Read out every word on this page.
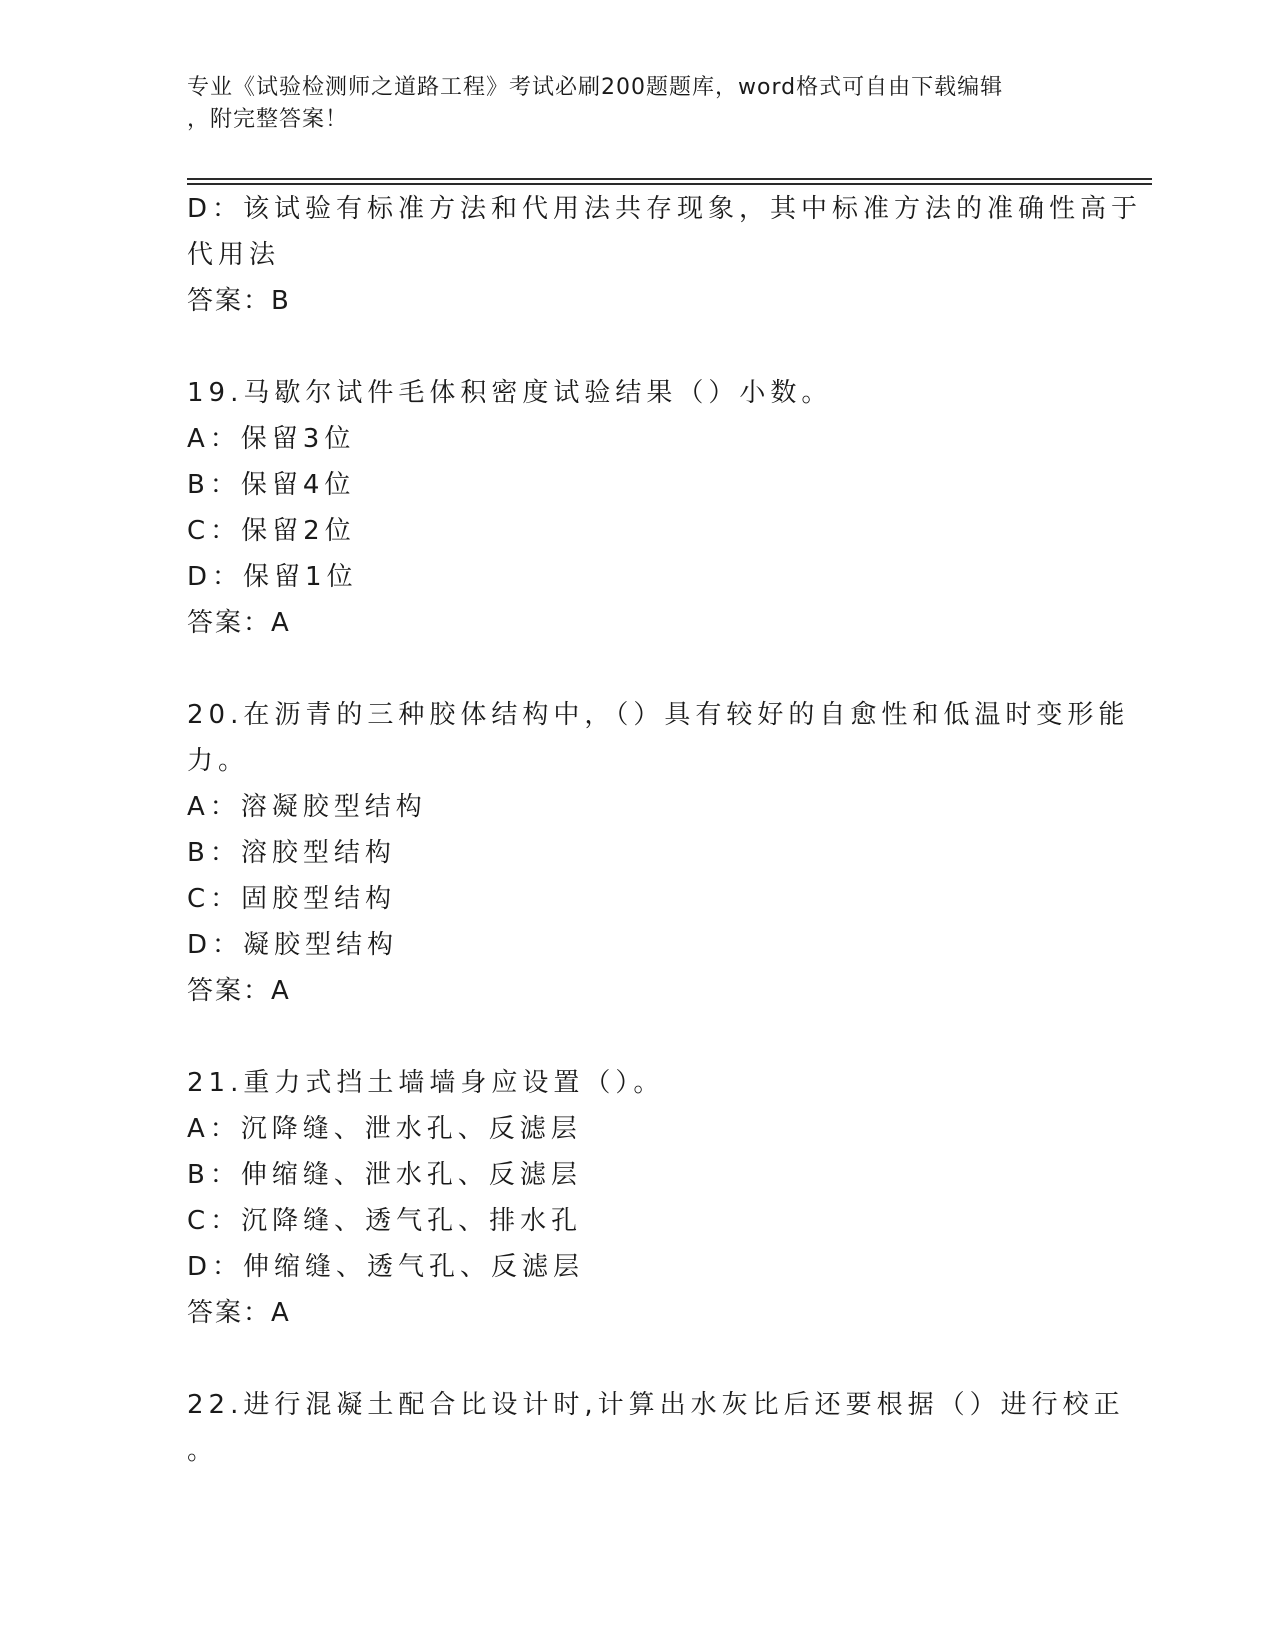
专业《试验检测师之道路工程》考试必刷200题题库，word格式可自由下载编辑
，附完整答案！
D：该试验有标准方法和代用法共存现象，其中标准方法的准确性高于
代用法
答案：B
19.马歇尔试件毛体积密度试验结果（）小数。
A：保留3位
B：保留4位
C：保留2位
D：保留1位
答案：A
20.在沥青的三种胶体结构中，（）具有较好的自愈性和低温时变形能
力。
A：溶凝胶型结构
B：溶胶型结构
C：固胶型结构
D：凝胶型结构
答案：A
21.重力式挡土墙墙身应设置（）。
A：沉降缝、泄水孔、反滤层
B：伸缩缝、泄水孔、反滤层
C：沉降缝、透气孔、排水孔
D：伸缩缝、透气孔、反滤层
答案：A
22.进行混凝土配合比设计时,计算出水灰比后还要根据（）进行校正
。
